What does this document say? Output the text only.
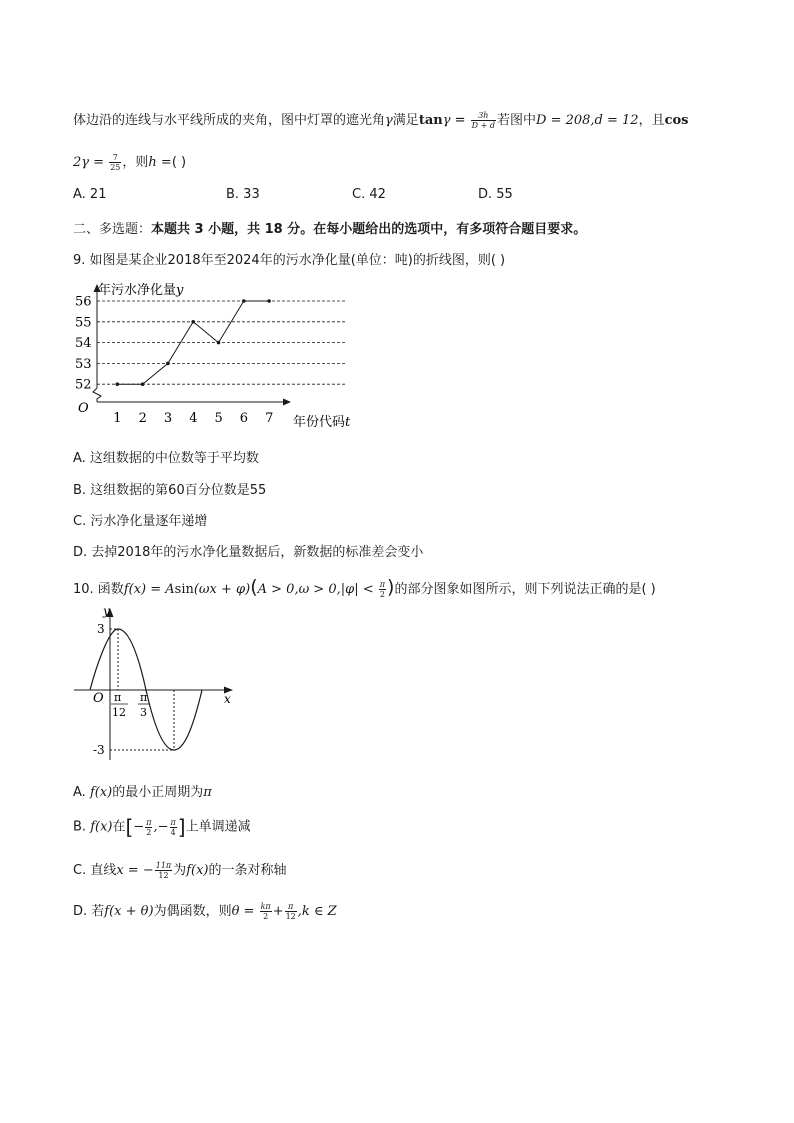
体边沿的连线与水平线所成的夹角，图中灯罩的遮光角γ满足$\tan\gamma = \frac{3h}{D + d}$ 若图中D = 208,d = 12，且cos
$2\gamma = \frac{7}{25}$ ，则h =( )
A. 21	B. 33	C. 42	D. 55
二、多选题：本题共 3 小题，共 18 分。在每小题给出的选项中，有多项符合题目要求。
9. 如图是某企业2018年至2024年的污水净化量(单位：吨)的折线图，则( )
52
53
54
55
56
1 2 3 4 5 6 7
年污水净化量y
年份代码t
O
A. 这组数据的中位数等于平均数
B. 这组数据的第60百分位数是55
C. 污水净化量逐年递增
D. 去掉2018年的污水净化量数据后，新数据的标准差会变小
10. 函数$f(x) = Asin(\omega x + \varphi)(A > 0,\omega > 0,|\varphi| < \frac{\pi}{2}$ )的部分图象如图所示，则下列说法正确的是( )
y
x
O
3
-3
π
12
π
3
A. f(x)的最小正周期为π
B. f(x)在[− $\frac{\pi}{2}$ ,− $\frac{\pi}{4}$ ]上单调递减
C. 直线x = − $\frac{11\pi}{12}$ 为f(x)的一条对称轴
D. 若f(x + θ)为偶函数，则$\theta = \frac{k\pi}{2} + \frac{\pi}{12} ,k$ ∈ Z
